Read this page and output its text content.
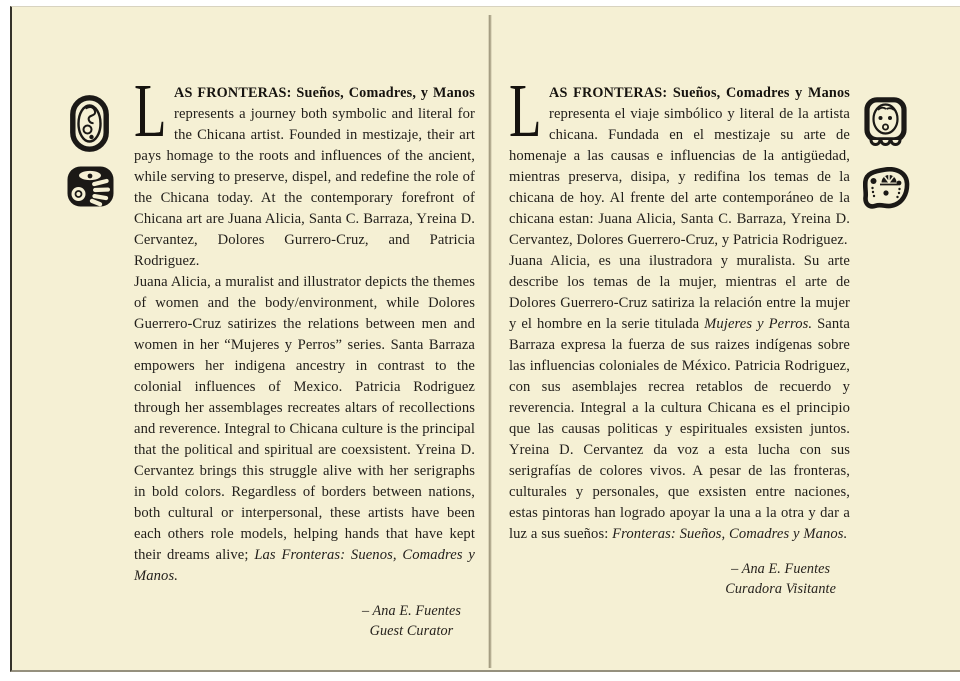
L AS FRONTERAS: Sueños, Comadres, y Manos represents a journey both symbolic and literal for the Chicana artist. Founded in mestizaje, their art pays homage to the roots and influences of the ancient, while serving to preserve, dispel, and redefine the role of the Chicana today. At the contemporary forefront of Chicana art are Juana Alicia, Santa C. Barraza, Yreina D. Cervantez, Dolores Gurrero-Cruz, and Patricia Rodriguez.

Juana Alicia, a muralist and illustrator depicts the themes of women and the body/environment, while Dolores Guerrero-Cruz satirizes the relations between men and women in her “Mujeres y Perros” series. Santa Barraza empowers her indigena ancestry in contrast to the colonial influences of Mexico. Patricia Rodriguez through her assemblages recreates altars of recollections and reverence. Integral to Chicana culture is the principal that the political and spiritual are coexsistent. Yreina D. Cervantez brings this struggle alive with her serigraphs in bold colors. Regardless of borders between nations, both cultural or interpersonal, these artists have been each others role models, helping hands that have kept their dreams alive; Las Fronteras: Suenos, Comadres y Manos.

– Ana E. Fuentes
Guest Curator

L AS FRONTERAS: Sueños, Comadres y Manos representa el viaje simbólico y literal de la artista chicana. Fundada en el mestizaje su arte de homenaje a las causas e influencias de la antigüedad, mientras preserva, disipa, y redifina los temas de la chicana de hoy. Al frente del arte contemporáneo de la chicana estan: Juana Alicia, Santa C. Barraza, Yreina D. Cervantez, Dolores Guerrero-Cruz, y Patricia Rodriguez.

Juana Alicia, es una ilustradora y muralista. Su arte describe los temas de la mujer, mientras el arte de Dolores Guerrero-Cruz satiriza la relación entre la mujer y el hombre en la serie titulada Mujeres y Perros. Santa Barraza expresa la fuerza de sus raizes indígenas sobre las influencias coloniales de México. Patricia Rodriguez, con sus asemblajes recrea retablos de recuerdo y reverencia. Integral a la cultura Chicana es el principio que las causas politicas y espirituales exsisten juntos. Yreina D. Cervantez da voz a esta lucha con sus serigrafías de colores vivos. A pesar de las fronteras, culturales y personales, que exsisten entre naciones, estas pintoras han logrado apoyar la una a la otra y dar a luz a sus sueños: Fronteras: Sueños, Comadres y Manos.

– Ana E. Fuentes
Curadora Visitante
